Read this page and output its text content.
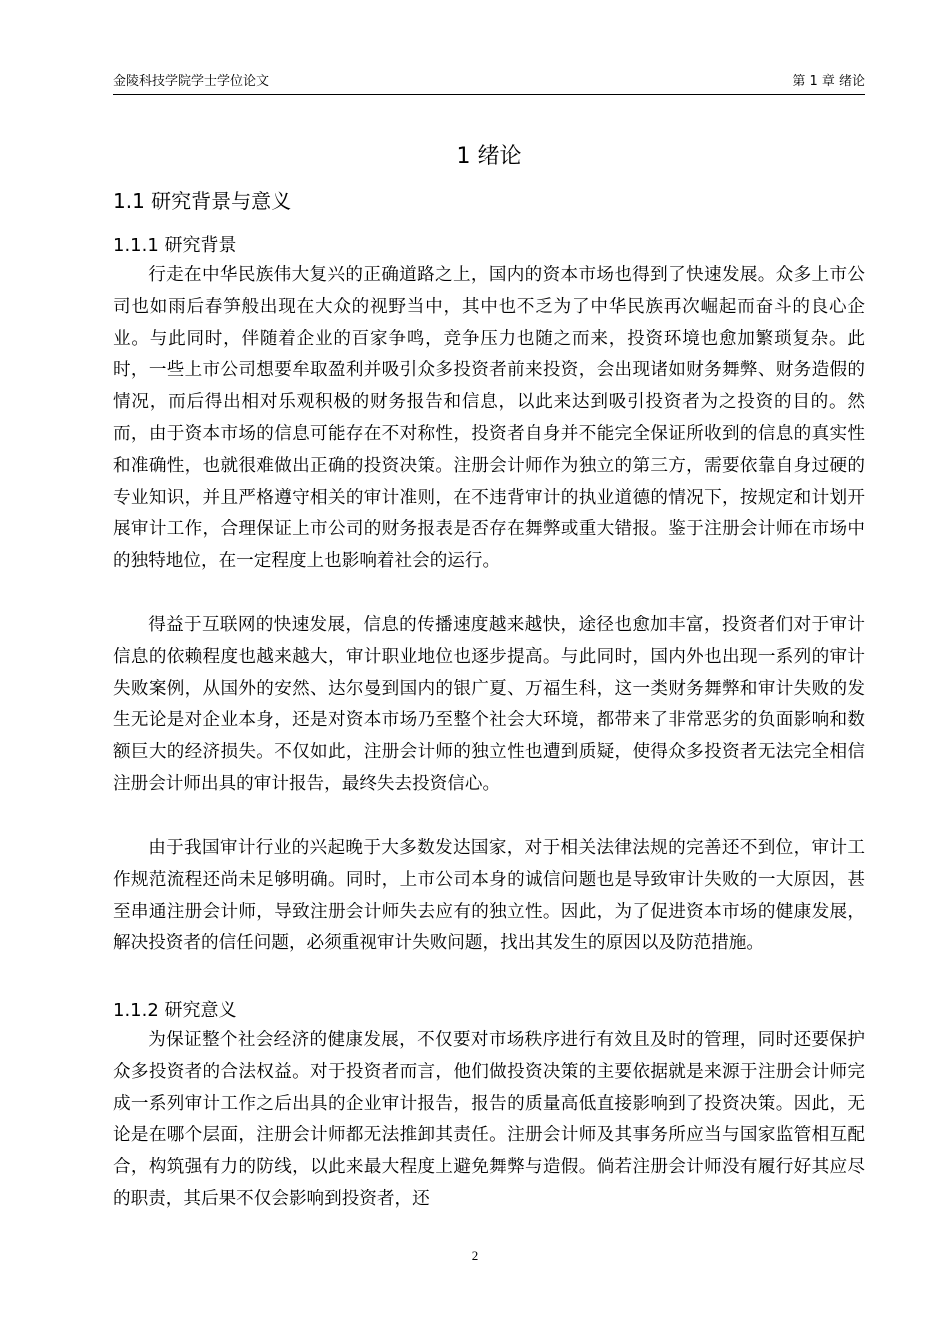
金陵科技学院学士学位论文	第 1 章 绪论
1 绪论
1.1 研究背景与意义
1.1.1 研究背景

行走在中华民族伟大复兴的正确道路之上，国内的资本市场也得到了快速发展。众多上市公司也如雨后春笋般出现在大众的视野当中，其中也不乏为了中华民族再次崛起而奋斗的良心企业。与此同时，伴随着企业的百家争鸣，竞争压力也随之而来，投资环境也愈加繁琐复杂。此时，一些上市公司想要牟取盈利并吸引众多投资者前来投资，会出现诸如财务舞弊、财务造假的情况，而后得出相对乐观积极的财务报告和信息，以此来达到吸引投资者为之投资的目的。然而，由于资本市场的信息可能存在不对称性，投资者自身并不能完全保证所收到的信息的真实性和准确性，也就很难做出正确的投资决策。注册会计师作为独立的第三方，需要依靠自身过硬的专业知识，并且严格遵守相关的审计准则，在不违背审计的执业道德的情况下，按规定和计划开展审计工作，合理保证上市公司的财务报表是否存在舞弊或重大错报。鉴于注册会计师在市场中的独特地位，在一定程度上也影响着社会的运行。

得益于互联网的快速发展，信息的传播速度越来越快，途径也愈加丰富，投资者们对于审计信息的依赖程度也越来越大，审计职业地位也逐步提高。与此同时，国内外也出现一系列的审计失败案例，从国外的安然、达尔曼到国内的银广夏、万福生科，这一类财务舞弊和审计失败的发生无论是对企业本身，还是对资本市场乃至整个社会大环境，都带来了非常恶劣的负面影响和数额巨大的经济损失。不仅如此，注册会计师的独立性也遭到质疑，使得众多投资者无法完全相信注册会计师出具的审计报告，最终失去投资信心。

由于我国审计行业的兴起晚于大多数发达国家，对于相关法律法规的完善还不到位，审计工作规范流程还尚未足够明确。同时，上市公司本身的诚信问题也是导致审计失败的一大原因，甚至串通注册会计师，导致注册会计师失去应有的独立性。因此，为了促进资本市场的健康发展，解决投资者的信任问题，必须重视审计失败问题，找出其发生的原因以及防范措施。

1.1.2 研究意义

为保证整个社会经济的健康发展，不仅要对市场秩序进行有效且及时的管理，同时还要保护众多投资者的合法权益。对于投资者而言，他们做投资决策的主要依据就是来源于注册会计师完成一系列审计工作之后出具的企业审计报告，报告的质量高低直接影响到了投资决策。因此，无论是在哪个层面，注册会计师都无法推卸其责任。注册会计师及其事务所应当与国家监管相互配合，构筑强有力的防线，以此来最大程度上避免舞弊与造假。倘若注册会计师没有履行好其应尽的职责，其后果不仅会影响到投资者，还

2
